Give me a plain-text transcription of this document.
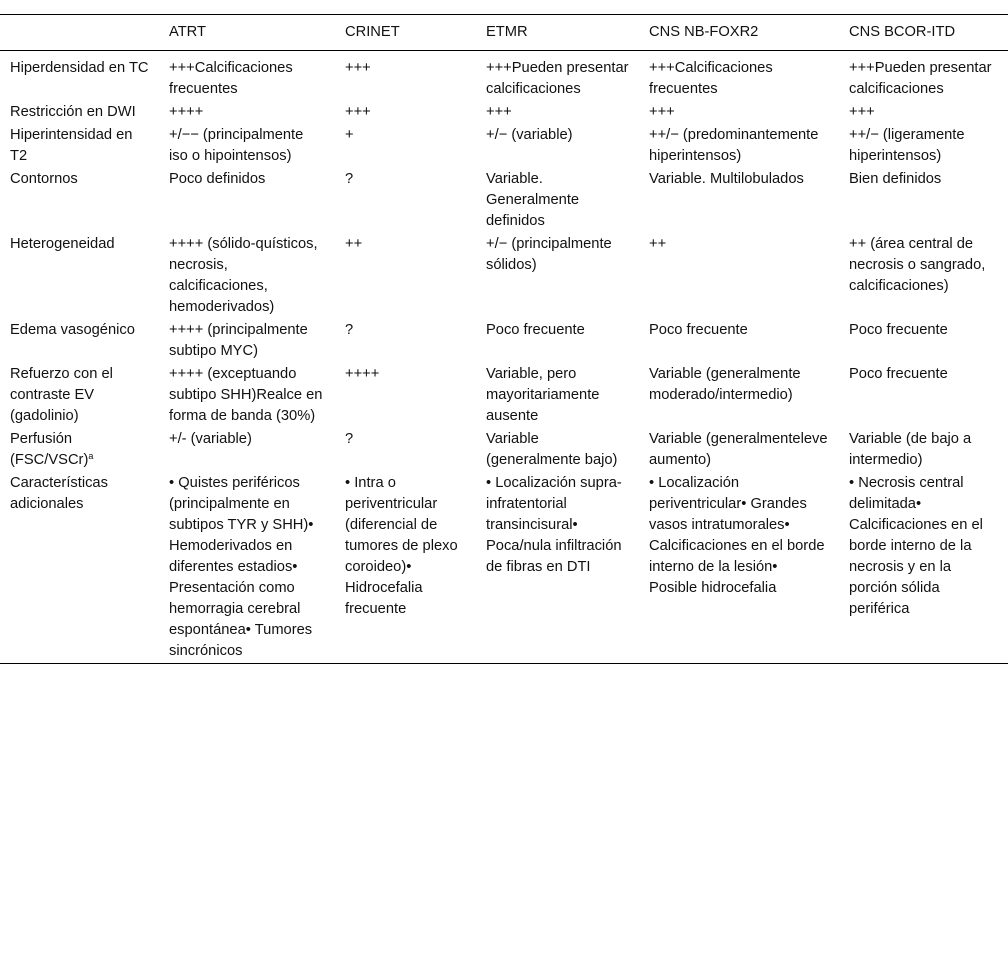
	ATRT	CRINET	ETMR	CNS NB-FOXR2	CNS BCOR-ITD
Hiperdensidad en TC	+++Calcificaciones frecuentes	+++	+++Pueden presentar calcificaciones	+++Calcificaciones frecuentes	+++Pueden presentar calcificaciones
Restricción en DWI	++++	+++	+++	+++	+++
Hiperintensidad en T2	+/−− (principalmente iso o hipointensos)	+	+/− (variable)	++/− (predominantemente hiperintensos)	++/− (ligeramente hiperintensos)
Contornos	Poco definidos	?	Variable. Generalmente definidos	Variable. Multilobulados	Bien definidos
Heterogeneidad	++++ (sólido-quísticos, necrosis, calcificaciones, hemoderivados)	++	+/− (principalmente sólidos)	++	++ (área central de necrosis o sangrado, calcificaciones)
Edema vasogénico	++++ (principalmente subtipo MYC)	?	Poco frecuente	Poco frecuente	Poco frecuente
Refuerzo con el contraste EV (gadolinio)	++++ (exceptuando subtipo SHH)Realce en forma de banda (30%)	++++	Variable, pero mayoritariamente ausente	Variable (generalmente moderado/intermedio)	Poco frecuente
Perfusión (FSC/VSCr)$^a$	+/- (variable)	?	Variable (generalmente bajo)	Variable (generalmenteleve aumento)	Variable (de bajo a intermedio)
Características adicionales	• Quistes periféricos (principalmente en subtipos TYR y SHH)• Hemoderivados en diferentes estadios• Presentación como hemorragia cerebral espontánea• Tumores sincrónicos	• Intra o periventricular (diferencial de tumores de plexo coroideo)• Hidrocefalia frecuente	• Localización supra-infratentorial transincisural• Poca/nula infiltración de fibras en DTI	• Localización periventricular• Grandes vasos intratumorales• Calcificaciones en el borde interno de la lesión• Posible hidrocefalia	• Necrosis central delimitada• Calcificaciones en el borde interno de la necrosis y en la porción sólida periférica
